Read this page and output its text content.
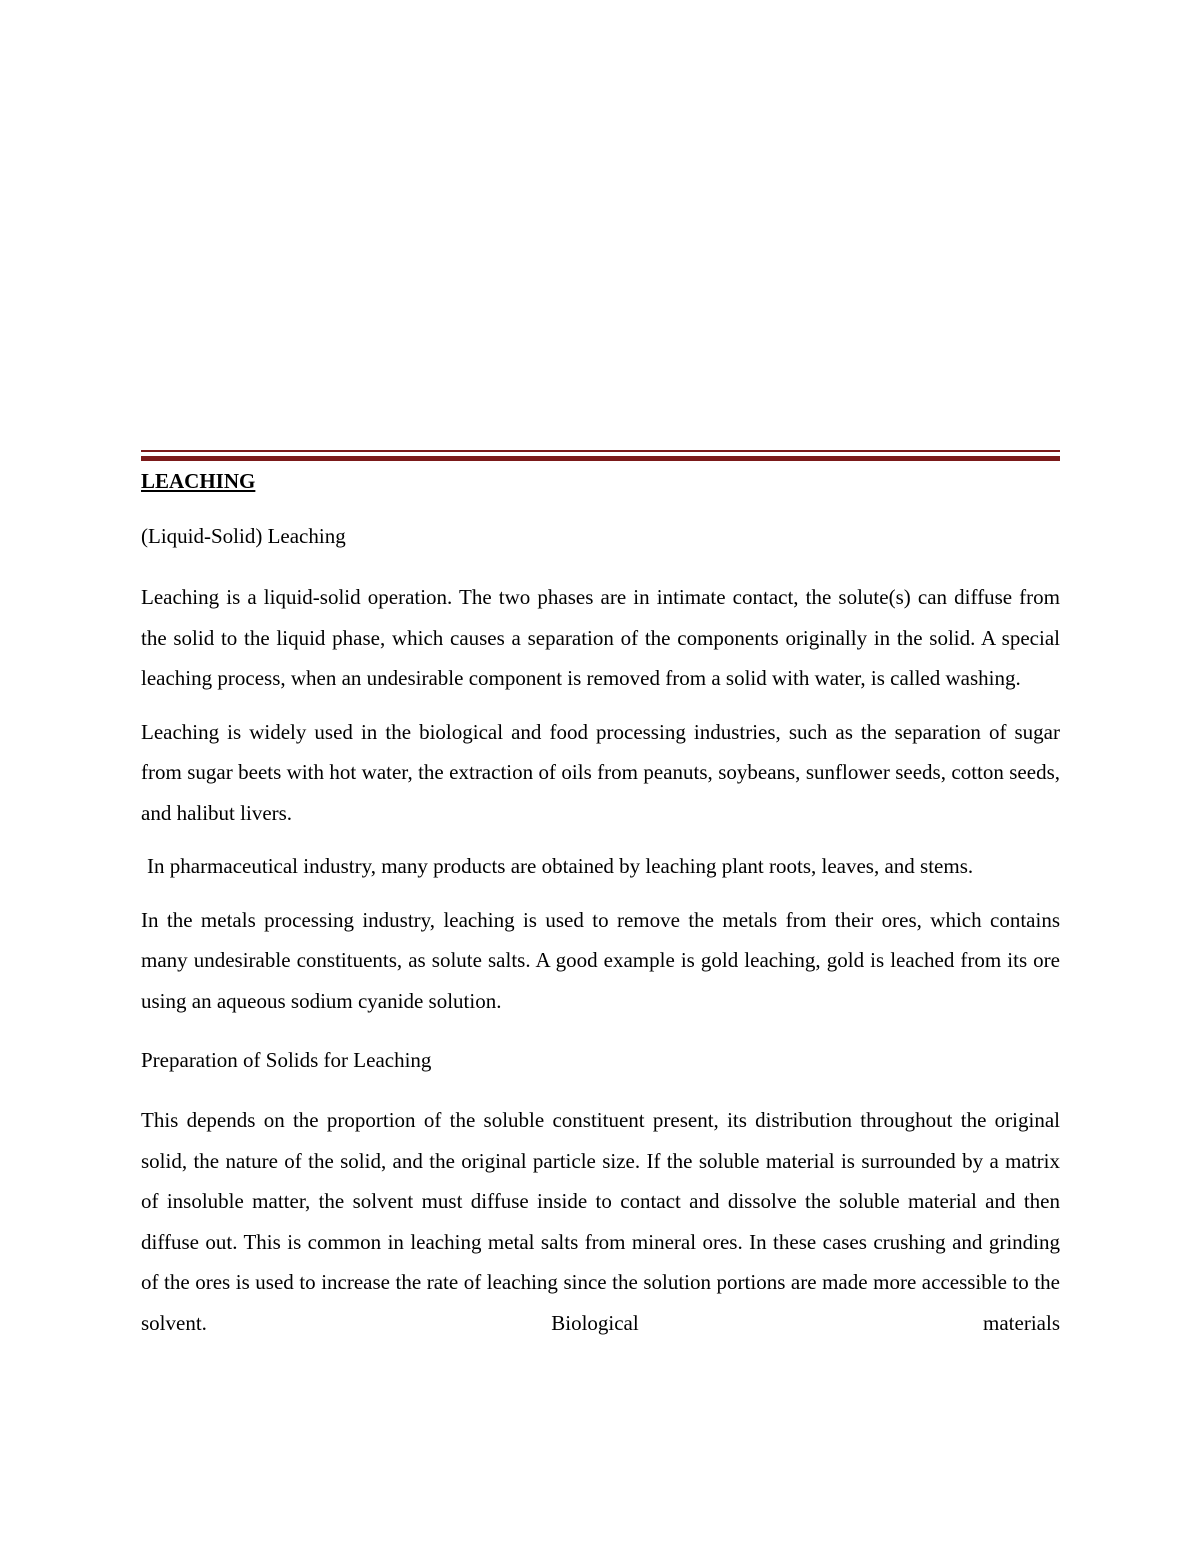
LEACHING

(Liquid-Solid) Leaching

Leaching is a liquid-solid operation. The two phases are in intimate contact, the solute(s) can diffuse from the solid to the liquid phase, which causes a separation of the components originally in the solid. A special leaching process, when an undesirable component is removed from a solid with water, is called washing.

Leaching is widely used in the biological and food processing industries, such as the separation of sugar from sugar beets with hot water, the extraction of oils from peanuts, soybeans, sunflower seeds, cotton seeds, and halibut livers.

In pharmaceutical industry, many products are obtained by leaching plant roots, leaves, and stems.

In the metals processing industry, leaching is used to remove the metals from their ores, which contains many undesirable constituents, as solute salts. A good example is gold leaching, gold is leached from its ore using an aqueous sodium cyanide solution.

Preparation of Solids for Leaching

This depends on the proportion of the soluble constituent present, its distribution throughout the original solid, the nature of the solid, and the original particle size. If the soluble material is surrounded by a matrix of insoluble matter, the solvent must diffuse inside to contact and dissolve the soluble material and then diffuse out. This is common in leaching metal salts from mineral ores. In these cases crushing and grinding of the ores is used to increase the rate of leaching since the solution portions are made more accessible to the solvent. Biological materials
